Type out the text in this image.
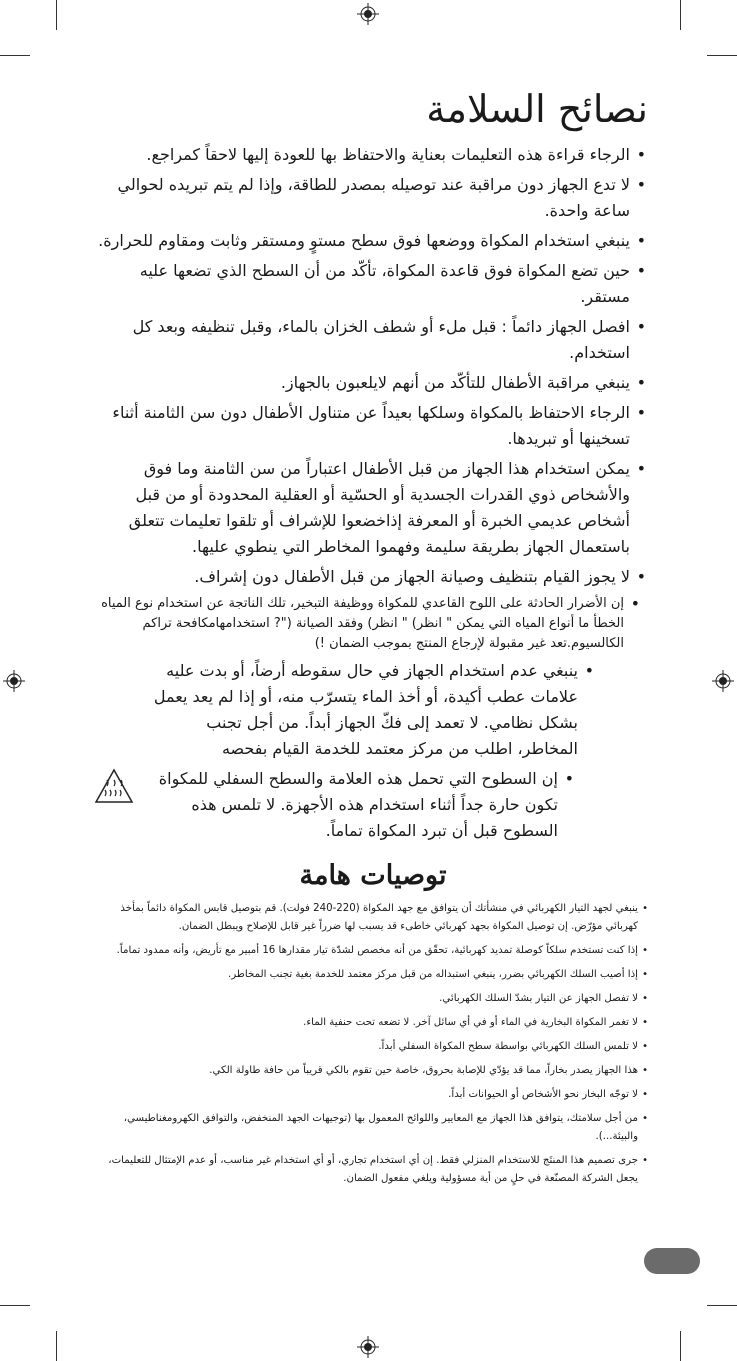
نصائح السلامة
• الرجاء قراءة هذه التعليمات بعناية والاحتفاظ بها للعودة إليها لاحقاً كمراجع.
• لا تدع الجهاز دون مراقبة عند توصيله بمصدر للطاقة، وإذا لم يتم تبريده لحوالي ساعة واحدة.
• ينبغي استخدام المكواة ووضعها فوق سطح مستوٍ ومستقر وثابت ومقاوم للحرارة.
• حين تضع المكواة فوق قاعدة المكواة، تأكّد من أن السطح الذي تضعها عليه مستقر.
• افصل الجهاز دائماً : قبل ملء أو شطف الخزان بالماء، وقبل تنظيفه وبعد كل استخدام.
• ينبغي مراقبة الأطفال للتأكّد من أنهم لايلعبون بالجهاز.
• الرجاء الاحتفاظ بالمكواة وسلكها بعيداً عن متناول الأطفال دون سن الثامنة أثناء تسخينها أو تبريدها.
• يمكن استخدام هذا الجهاز من قبل الأطفال اعتباراً من سن الثامنة وما فوق والأشخاص ذوي القدرات الجسدية أو الحسّية أو العقلية المحدودة أو من قبل أشخاص عديمي الخبرة أو المعرفة إذاخضعوا للإشراف أو تلقوا تعليمات تتعلق باستعمال الجهاز بطريقة سليمة وفهموا المخاطر التي ينطوي عليها.
• لا يجوز القيام بتنظيف وصيانة الجهاز من قبل الأطفال دون إشراف.
• إن الأضرار الحادثة على اللوح القاعدي للمكواة ووظيفة التبخير، تلك الناتجة عن استخدام نوع المياه الخطأ ما أنواع المياه التي يمكن " انظر) " انظر) وفقد الصيانة ("? استخدامهامكافحة تراكم الكالسيوم.تعد غير مقبولة لإرجاع المنتج بموجب الضمان !)
• ينبغي عدم استخدام الجهاز في حال سقوطه أرضاً، أو بدت عليه علامات عطب أكيدة، أو أخذ الماء يتسرّب منه، أو إذا لم يعد يعمل بشكل نظامي. لا تعمد إلى فكّ الجهاز أبداً. من أجل تجنب المخاطر، اطلب من مركز معتمد للخدمة القيام بفحصه
• إن السطوح التي تحمل هذه العلامة والسطح السفلي للمكواة تكون حارة جداً أثناء استخدام هذه الأجهزة. لا تلمس هذه السطوح قبل أن تبرد المكواة تماماً.
توصيات هامة
• ينبغي لجهد التيار الكهربائي في منشأتك أن يتوافق مع جهد المكواة (220-240 فولت). قم بتوصيل قابس المكواة دائماً بمأخذ كهربائي مؤرّض. إن توصيل المكواة بجهد كهربائي خاطىء قد يسبب لها ضرراً غير قابل للإصلاح ويبطل الضمان.
• إذا كنت تستخدم سلكاً كوصلة تمديد كهربائية، تحقّق من أنه مخصص لشدّة تيار مقدارها 16 أمبير مع تأريض، وأنه ممدود تماماً.
• إذا أصيب السلك الكهربائي بضرر، ينبغي استبداله من قبل مركز معتمد للخدمة بغية تجنب المخاطر.
• لا تفصل الجهاز عن التيار بشدّ السلك الكهربائي.
• لا تغمر المكواة البخارية في الماء أو في أي سائل آخر. لا تضعه تحت حنفية الماء.
• لا تلمس السلك الكهربائي بواسطة سطح المكواة السفلي أبداً.
• هذا الجهاز يصدر بخاراً، مما قد يؤدّي للإصابة بحروق، خاصة حين تقوم بالكي قريباً من حافة طاولة الكي.
• لا توجّه البخار نحو الأشخاص أو الحيوانات أبداً.
• من أجل سلامتك، يتوافق هذا الجهاز مع المعايير واللوائح المعمول بها (توجيهات الجهد المنخفض، والتوافق الكهرومغناطيسي، والبيئة...).
• جرى تصميم هذا المنتَج للاستخدام المنزلي فقط. إن أي استخدام تجاري، أو أي استخدام غير مناسب، أو عدم الإمتثال للتعليمات، يجعل الشركة المصنّعة في حلٍ من أية مسؤولية ويلغي مفعول الضمان.
